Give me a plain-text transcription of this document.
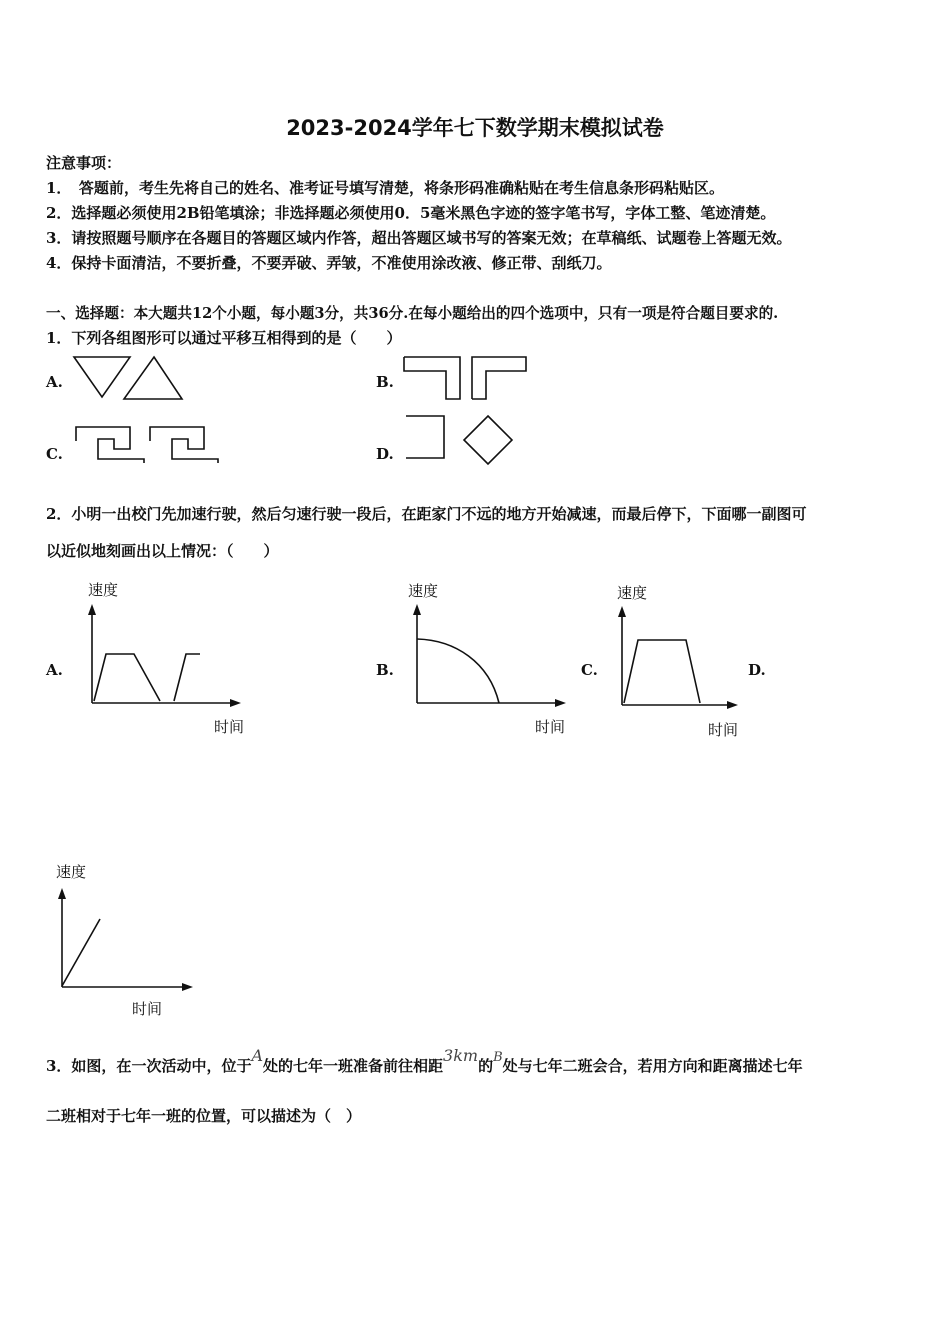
2023-2024学年七下数学期末模拟试卷
注意事项：
1．　答题前，考生先将自己的姓名、准考证号填写清楚，将条形码准确粘贴在考生信息条形码粘贴区。
2．选择题必须使用2B铅笔填涂；非选择题必须使用0．5毫米黑色字迹的签字笔书写，字体工整、笔迹清楚。
3．请按照题号顺序在各题目的答题区域内作答，超出答题区域书写的答案无效；在草稿纸、试题卷上答题无效。
4．保持卡面清洁，不要折叠，不要弄破、弄皱，不准使用涂改液、修正带、刮纸刀。
一、选择题：本大题共12个小题，每小题3分，共36分.在每小题给出的四个选项中，只有一项是符合题目要求的.
1．下列各组图形可以通过平移互相得到的是（　　）
A.	B.
C.	D.
2．小明一出校门先加速行驶，然后匀速行驶一段后，在距家门不远的地方开始减速，而最后停下，下面哪一副图可
以近似地刻画出以上情况：（　　）
A.
速度
时间
B.
速度
时间
C.
速度
时间
D.
速度
时间
3．如图，在一次活动中，位于A处的七年一班准备前往相距3km的B处与七年二班会合，若用方向和距离描述七年
二班相对于七年一班的位置，可以描述为（　）
